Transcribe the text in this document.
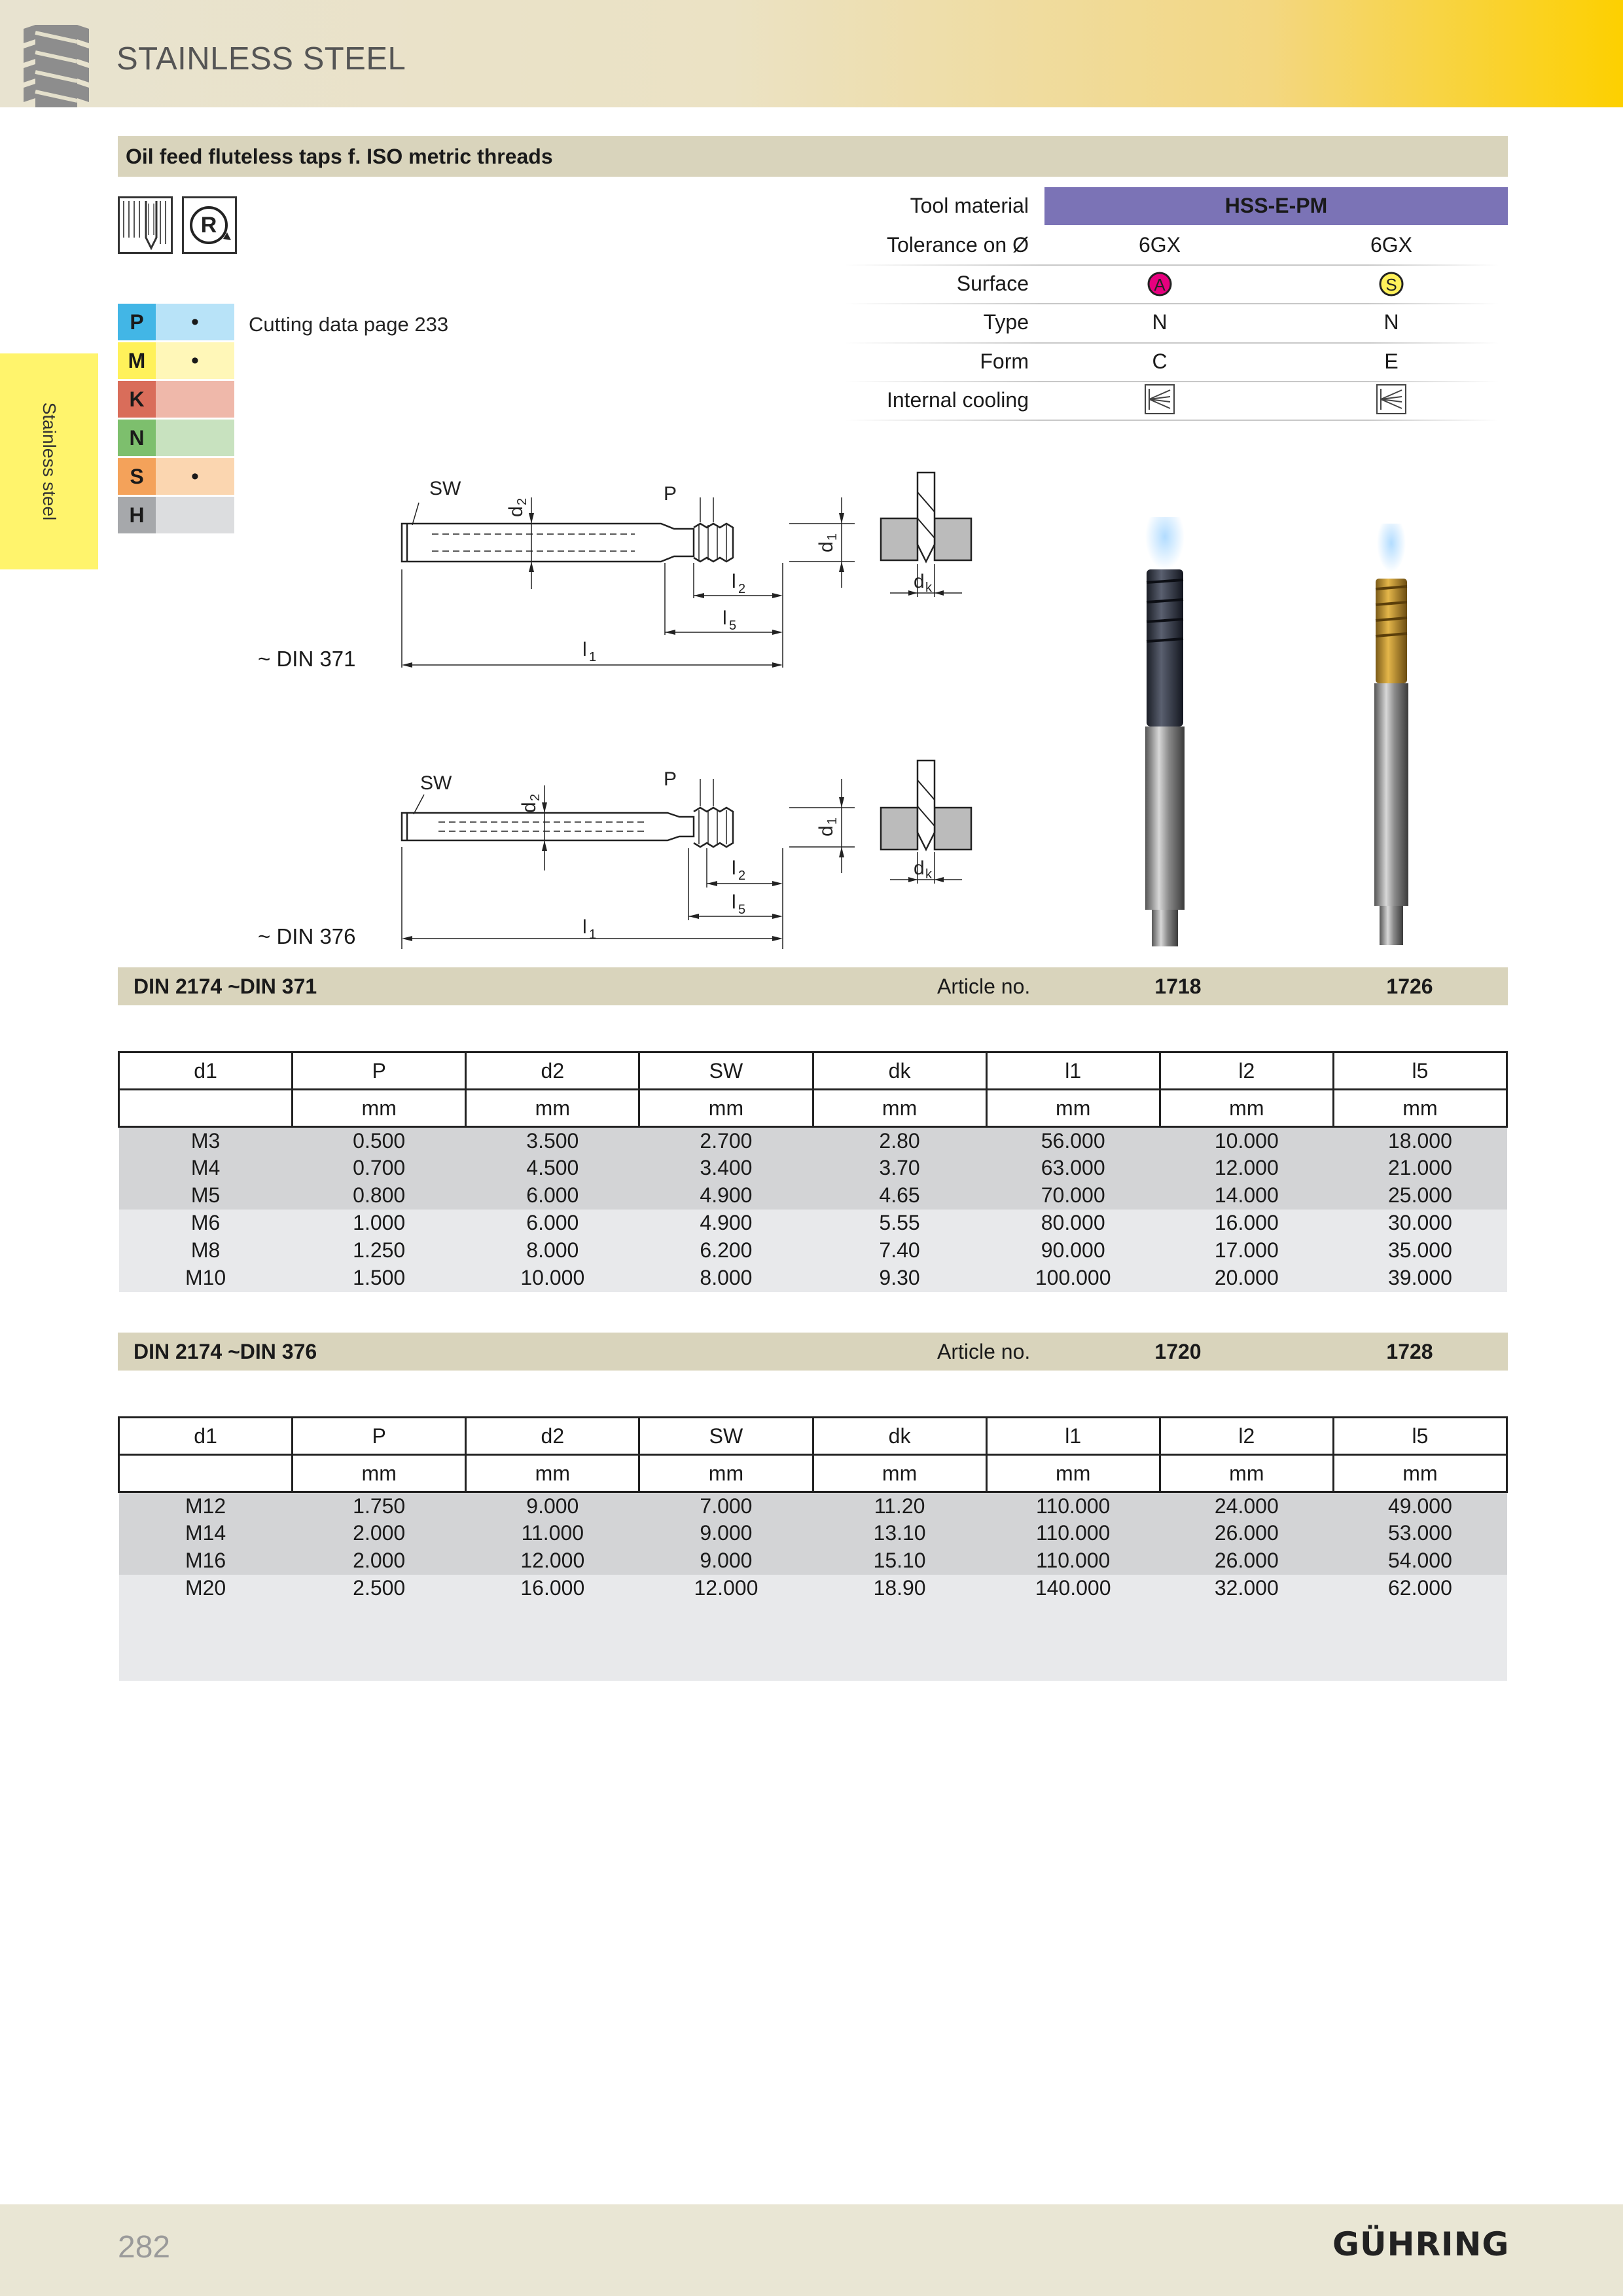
STAINLESS STEEL
Stainless steel
Oil feed fluteless taps f. ISO metric threads
R
P	•
M	•
K
N
S	•
H
Cutting data page 233
Tool material	HSS-E-PM
Tolerance on Ø	6GX	6GX
Surface	A	S
Type	N	N
Form	C	E
Internal cooling
SW	P
l 1
l 2
l 5
d
2
d
1
d k
~ DIN 371
SW	P
l 1
l 2
l 5
d
2
d
1
d k
~ DIN 376
DIN 2174 ~DIN 371	Article no.	1718	1726
d1	P	d2	SW	dk	l1	l2	l5
	mm	mm	mm	mm	mm	mm	mm
M3	0.500	3.500	2.700	2.80	56.000	10.000	18.000
M4	0.700	4.500	3.400	3.70	63.000	12.000	21.000
M5	0.800	6.000	4.900	4.65	70.000	14.000	25.000
M6	1.000	6.000	4.900	5.55	80.000	16.000	30.000
M8	1.250	8.000	6.200	7.40	90.000	17.000	35.000
M10	1.500	10.000	8.000	9.30	100.000	20.000	39.000
DIN 2174 ~DIN 376	Article no.	1720	1728
d1	P	d2	SW	dk	l1	l2	l5
	mm	mm	mm	mm	mm	mm	mm
M12	1.750	9.000	7.000	11.20	110.000	24.000	49.000
M14	2.000	11.000	9.000	13.10	110.000	26.000	53.000
M16	2.000	12.000	9.000	15.10	110.000	26.000	54.000
M20	2.500	16.000	12.000	18.90	140.000	32.000	62.000

282	GÜHRING
